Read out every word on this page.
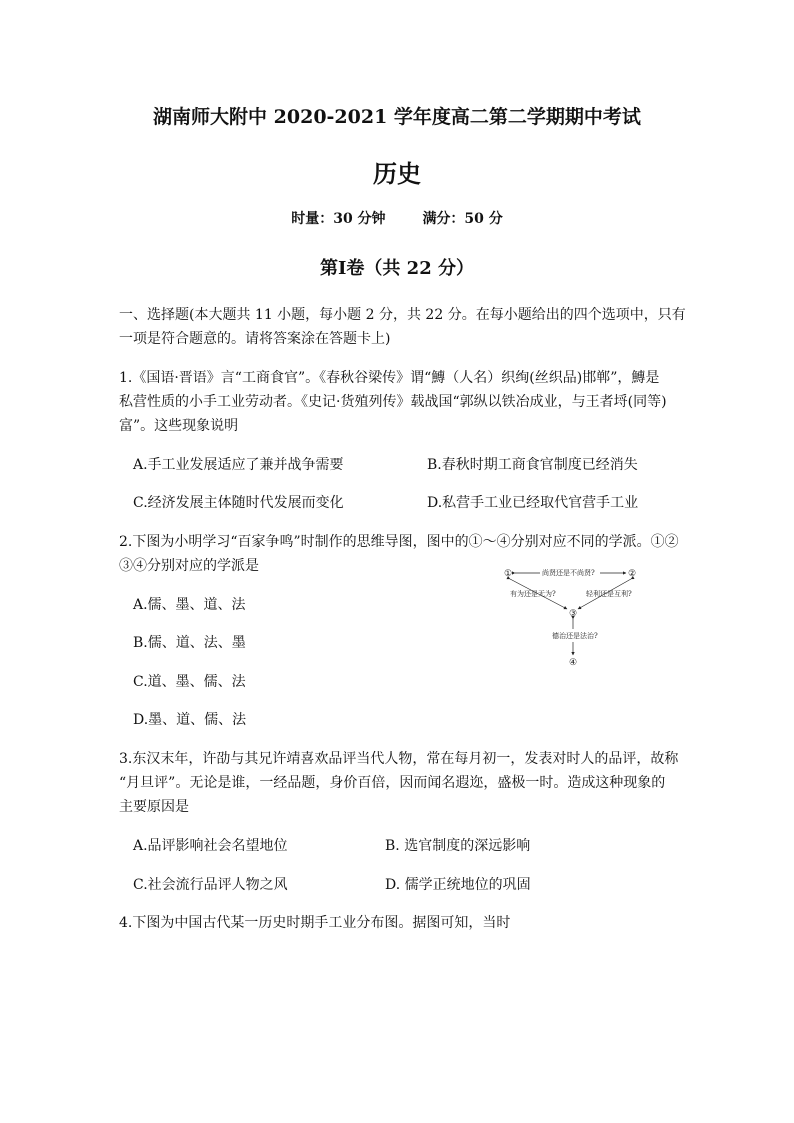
湖南师大附中 2020-2021 学年度高二第二学期期中考试
历史
时量：30 分钟	满分：50 分
第Ⅰ卷（共 22 分）
一、选择题(本大题共 11 小题，每小题 2 分，共 22 分。在每小题给出的四个选项中，只有
一项是符合题意的。请将答案涂在答题卡上)
1.《国语·晋语》言“工商食官”。《春秋谷梁传》谓“鱄（人名）织绚(丝织品)邯郸”，鱄是
私营性质的小手工业劳动者。《史记·货殖列传》载战国“郭纵以铁冶成业，与王者埒(同等)
富”。这些现象说明
A.手工业发展适应了兼并战争需要	B.春秋时期工商食官制度已经消失
C.经济发展主体随时代发展而变化	D.私营手工业已经取代官营手工业
2.下图为小明学习“百家争鸣”时制作的思维导图，图中的①～④分别对应不同的学派。①②
③④分别对应的学派是
A.儒、墨、道、法
B.儒、道、法、墨
C.道、墨、儒、法
D.墨、道、儒、法
①	②
③
④
尚贤还是不尚贤?
有为还是无为?	轻利还是互利?
德治还是法治?
3.东汉末年，许劭与其兄许靖喜欢品评当代人物，常在每月初一，发表对时人的品评，故称
“月旦评”。无论是谁，一经品题，身价百倍，因而闻名遐迩，盛极一时。造成这种现象的
主要原因是
A.品评影响社会名望地位	B. 选官制度的深远影响
C.社会流行品评人物之风	D. 儒学正统地位的巩固
4.下图为中国古代某一历史时期手工业分布图。据图可知，当时
